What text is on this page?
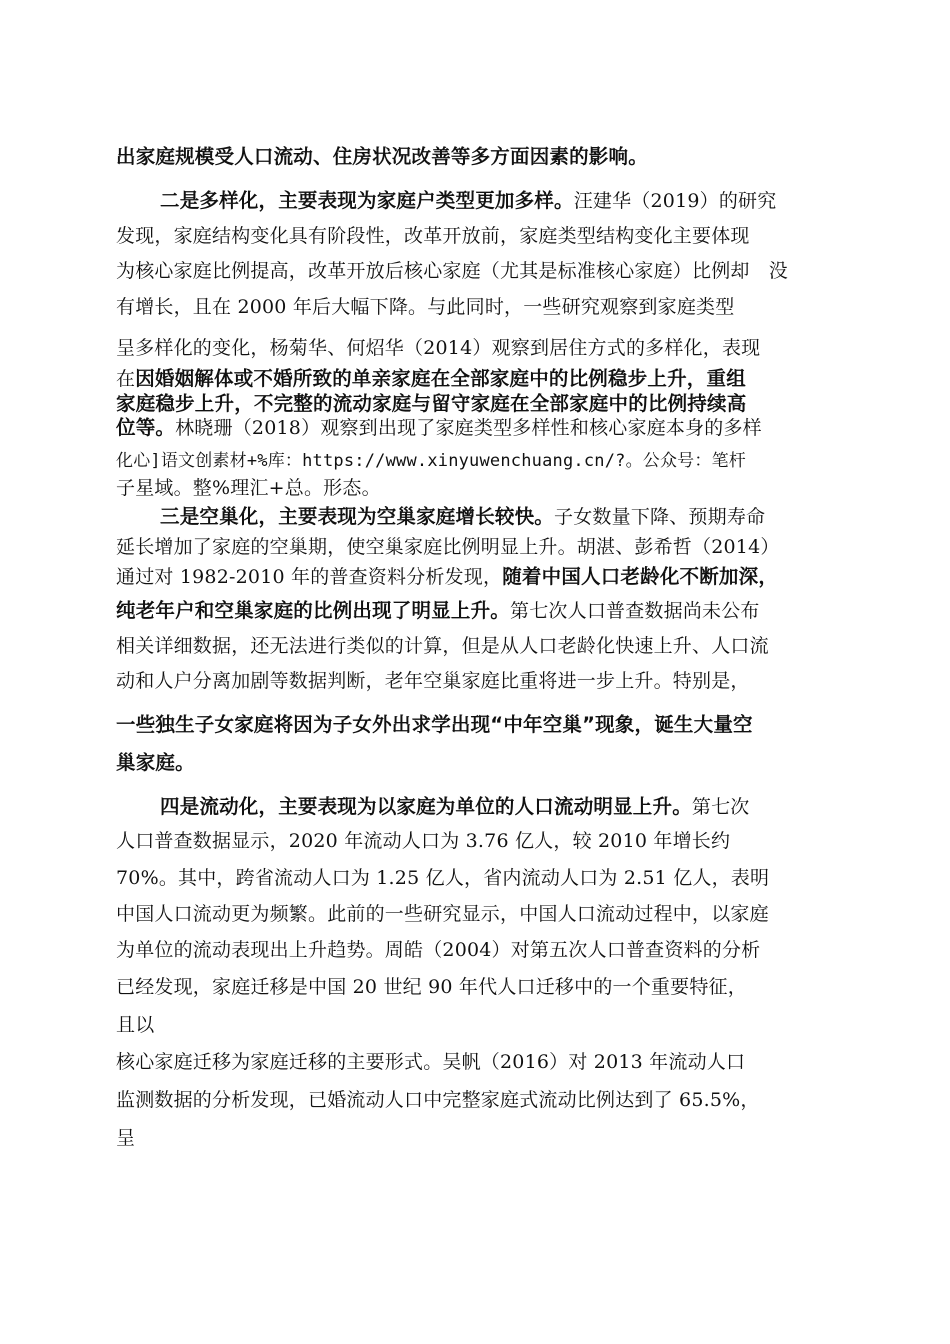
出家庭规模受人口流动、住房状况改善等多方面因素的影响。
二是多样化，主要表现为家庭户类型更加多样。汪建华（2019）的研究
发现，家庭结构变化具有阶段性，改革开放前，家庭类型结构变化主要体现
为核心家庭比例提高，改革开放后核心家庭（尤其是标准核心家庭）比例却　没
有增长，且在 2000 年后大幅下降。与此同时，一些研究观察到家庭类型
呈多样化的变化，杨菊华、何炤华（2014）观察到居住方式的多样化，表现
在因婚姻解体或不婚所致的单亲家庭在全部家庭中的比例稳步上升，重组
家庭稳步上升，不完整的流动家庭与留守家庭在全部家庭中的比例持续高
位等。林晓珊（2018）观察到出现了家庭类型多样性和核心家庭本身的多样
化心]语文创素材+%库：https://www.xinyuwenchuang.cn/?。公众号：笔杆
子星域。整%理汇+总。形态。
三是空巢化，主要表现为空巢家庭增长较快。子女数量下降、预期寿命
延长增加了家庭的空巢期，使空巢家庭比例明显上升。胡湛、彭希哲（2014）
通过对 1982-2010 年的普查资料分析发现，随着中国人口老龄化不断加深，
纯老年户和空巢家庭的比例出现了明显上升。第七次人口普查数据尚未公布
相关详细数据，还无法进行类似的计算，但是从人口老龄化快速上升、人口流
动和人户分离加剧等数据判断，老年空巢家庭比重将进一步上升。特别是，
一些独生子女家庭将因为子女外出求学出现“中年空巢”现象，诞生大量空
巢家庭。
四是流动化，主要表现为以家庭为单位的人口流动明显上升。第七次
人口普查数据显示，2020 年流动人口为 3.76 亿人，较 2010 年增长约
70%。其中，跨省流动人口为 1.25 亿人，省内流动人口为 2.51 亿人，表明
中国人口流动更为频繁。此前的一些研究显示，中国人口流动过程中，以家庭
为单位的流动表现出上升趋势。周皓（2004）对第五次人口普查资料的分析
已经发现，家庭迁移是中国 20 世纪 90 年代人口迁移中的一个重要特征，
且以
核心家庭迁移为家庭迁移的主要形式。吴帆（2016）对 2013 年流动人口
监测数据的分析发现，已婚流动人口中完整家庭式流动比例达到了 65.5%，
呈
